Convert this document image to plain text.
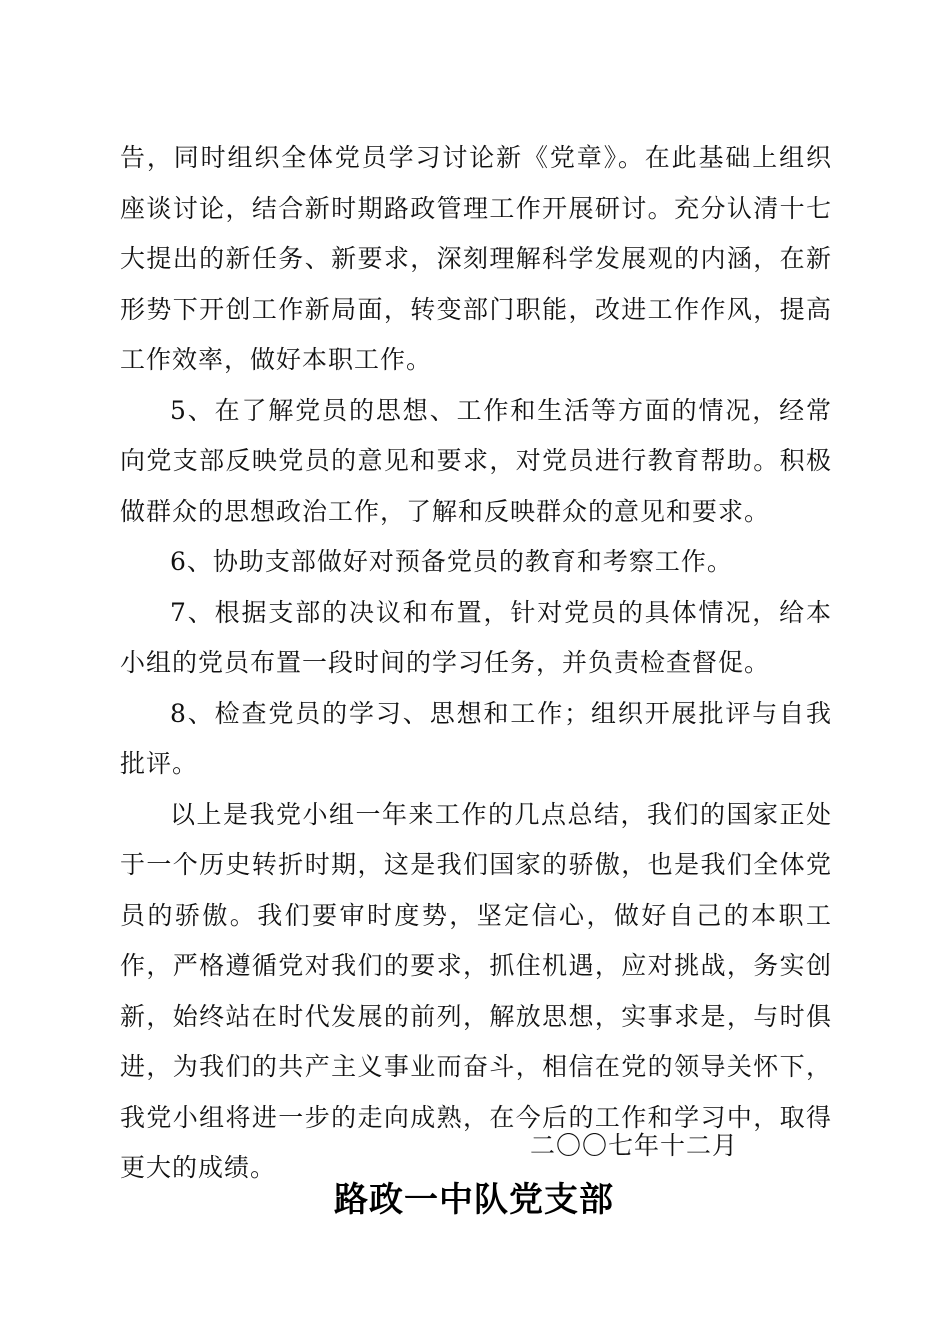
告，同时组织全体党员学习讨论新《党章》。在此基础上组织座谈讨论，结合新时期路政管理工作开展研讨。充分认清十七大提出的新任务、新要求，深刻理解科学发展观的内涵，在新形势下开创工作新局面，转变部门职能，改进工作作风，提高工作效率，做好本职工作。

5、在了解党员的思想、工作和生活等方面的情况，经常向党支部反映党员的意见和要求，对党员进行教育帮助。积极做群众的思想政治工作，了解和反映群众的意见和要求。

6、协助支部做好对预备党员的教育和考察工作。

7、根据支部的决议和布置，针对党员的具体情况，给本小组的党员布置一段时间的学习任务，并负责检查督促。

8、检查党员的学习、思想和工作；组织开展批评与自我批评。

以上是我党小组一年来工作的几点总结，我们的国家正处于一个历史转折时期，这是我们国家的骄傲，也是我们全体党员的骄傲。我们要审时度势，坚定信心，做好自己的本职工作，严格遵循党对我们的要求，抓住机遇，应对挑战，务实创新，始终站在时代发展的前列，解放思想，实事求是，与时俱进，为我们的共产主义事业而奋斗，相信在党的领导关怀下，我党小组将进一步的走向成熟，在今后的工作和学习中，取得更大的成绩。

二〇〇七年十二月
路政一中队党支部
